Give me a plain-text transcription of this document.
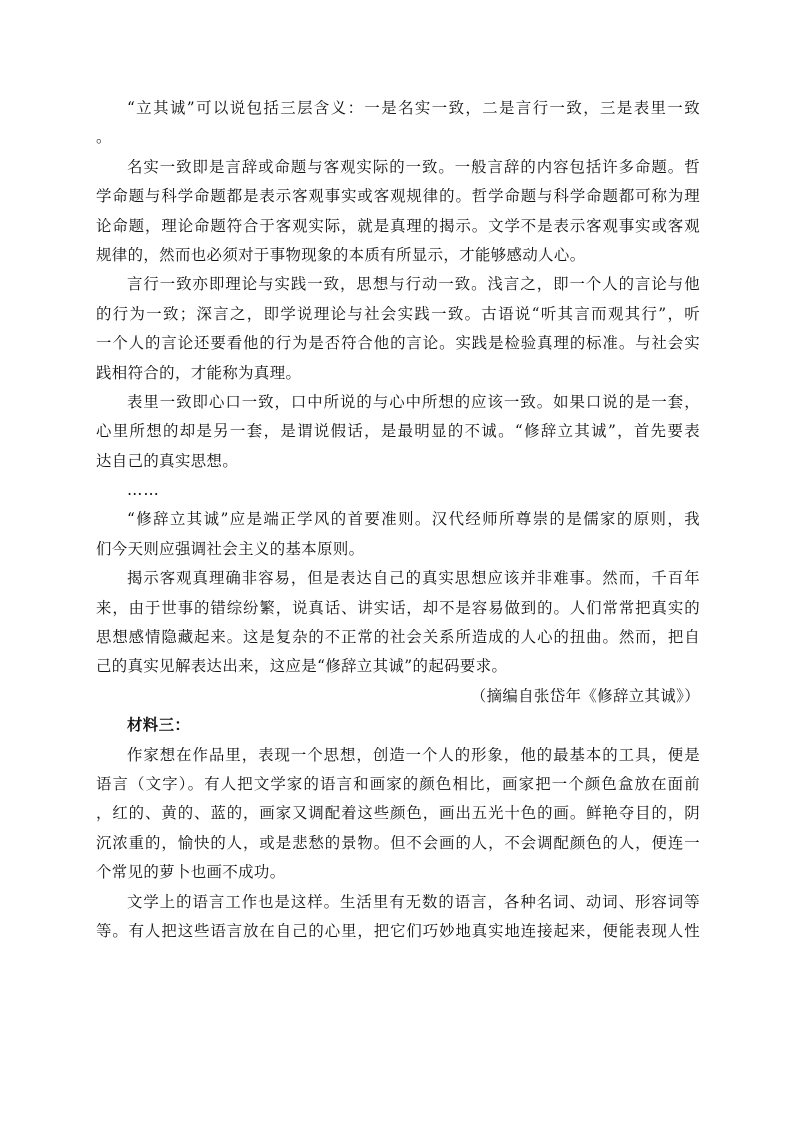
“立其诚”可以说包括三层含义：一是名实一致，二是言行一致，三是表里一致
。
名实一致即是言辞或命题与客观实际的一致。一般言辞的内容包括许多命题。哲
学命题与科学命题都是表示客观事实或客观规律的。哲学命题与科学命题都可称为理
论命题，理论命题符合于客观实际，就是真理的揭示。文学不是表示客观事实或客观
规律的，然而也必须对于事物现象的本质有所显示，才能够感动人心。
言行一致亦即理论与实践一致，思想与行动一致。浅言之，即一个人的言论与他
的行为一致；深言之，即学说理论与社会实践一致。古语说“听其言而观其行”，听
一个人的言论还要看他的行为是否符合他的言论。实践是检验真理的标准。与社会实
践相符合的，才能称为真理。
表里一致即心口一致，口中所说的与心中所想的应该一致。如果口说的是一套，
心里所想的却是另一套，是谓说假话，是最明显的不诚。“修辞立其诚”，首先要表
达自己的真实思想。
……
“修辞立其诚”应是端正学风的首要准则。汉代经师所尊崇的是儒家的原则，我
们今天则应强调社会主义的基本原则。
揭示客观真理确非容易，但是表达自己的真实思想应该并非难事。然而，千百年
来，由于世事的错综纷繁，说真话、讲实话，却不是容易做到的。人们常常把真实的
思想感情隐藏起来。这是复杂的不正常的社会关系所造成的人心的扭曲。然而，把自
己的真实见解表达出来，这应是“修辞立其诚”的起码要求。
（摘编自张岱年《修辞立其诚》）
材料三：
作家想在作品里，表现一个思想，创造一个人的形象，他的最基本的工具，便是
语言（文字）。有人把文学家的语言和画家的颜色相比，画家把一个颜色盒放在面前
，红的、黄的、蓝的，画家又调配着这些颜色，画出五光十色的画。鲜艳夺目的，阴
沉浓重的，愉快的人，或是悲愁的景物。但不会画的人，不会调配颜色的人，便连一
个常见的萝卜也画不成功。
文学上的语言工作也是这样。生活里有无数的语言，各种名词、动词、形容词等
等。有人把这些语言放在自己的心里，把它们巧妙地真实地连接起来，便能表现人性
